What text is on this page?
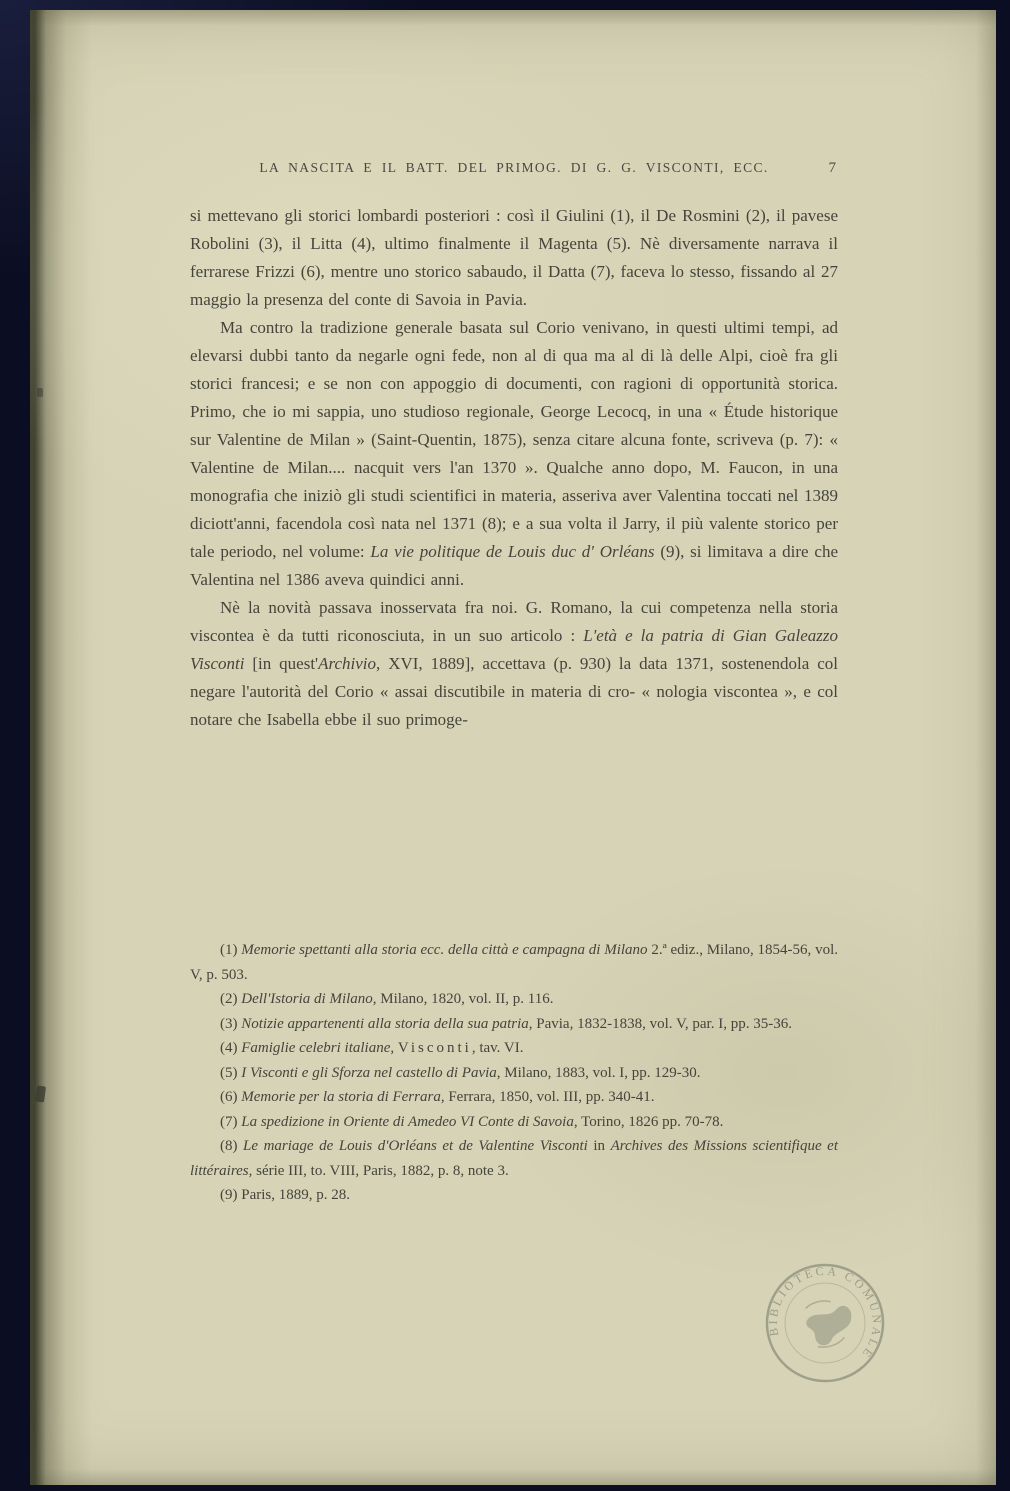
LA NASCITA E IL BATT. DEL PRIMOG. DI G. G. VISCONTI, ECC.	7

si mettevano gli storici lombardi posteriori : così il Giulini (1), il De Rosmini (2), il pavese Robolini (3), il Litta (4), ultimo finalmente il Magenta (5). Nè diversamente narrava il ferrarese Frizzi (6), mentre uno storico sabaudo, il Datta (7), faceva lo stesso, fissando al 27 maggio la presenza del conte di Savoia in Pavia.

Ma contro la tradizione generale basata sul Corio venivano, in questi ultimi tempi, ad elevarsi dubbi tanto da negarle ogni fede, non al di qua ma al di là delle Alpi, cioè fra gli storici francesi; e se non con appoggio di documenti, con ragioni di opportunità storica. Primo, che io mi sappia, uno studioso regionale, George Lecocq, in una « Étude historique sur Valentine de Milan » (Saint-Quentin, 1875), senza citare alcuna fonte, scriveva (p. 7): « Valentine de Milan.... nacquit vers l'an 1370 ». Qualche anno dopo, M. Faucon, in una monografia che iniziò gli studi scientifici in materia, asseriva aver Valentina toccati nel 1389 diciott'anni, facendola così nata nel 1371 (8); e a sua volta il Jarry, il più valente storico per tale periodo, nel volume: La vie politique de Louis duc d' Orléans (9), si limitava a dire che Valentina nel 1386 aveva quindici anni.

Nè la novità passava inosservata fra noi. G. Romano, la cui competenza nella storia viscontea è da tutti riconosciuta, in un suo articolo : L'età e la patria di Gian Galeazzo Visconti [in quest'Archivio, XVI, 1889], accettava (p. 930) la data 1371, sostenendola col negare l'autorità del Corio « assai discutibile in materia di cro- « nologia viscontea », e col notare che Isabella ebbe il suo primoge-

(1) Memorie spettanti alla storia ecc. della città e campagna di Milano 2.ª ediz., Milano, 1854-56, vol. V, p. 503.

(2) Dell'Istoria di Milano, Milano, 1820, vol. II, p. 116.

(3) Notizie appartenenti alla storia della sua patria, Pavia, 1832-1838, vol. V, par. I, pp. 35-36.

(4) Famiglie celebri italiane, Visconti, tav. VI.

(5) I Visconti e gli Sforza nel castello di Pavia, Milano, 1883, vol. I, pp. 129-30.

(6) Memorie per la storia di Ferrara, Ferrara, 1850, vol. III, pp. 340-41.

(7) La spedizione in Oriente di Amedeo VI Conte di Savoia, Torino, 1826 pp. 70-78.

(8) Le mariage de Louis d'Orléans et de Valentine Visconti in Archives des Missions scientifique et littéraires, série III, to. VIII, Paris, 1882, p. 8, note 3.

(9) Paris, 1889, p. 28.

BIBLIOTECA COMUNALE
